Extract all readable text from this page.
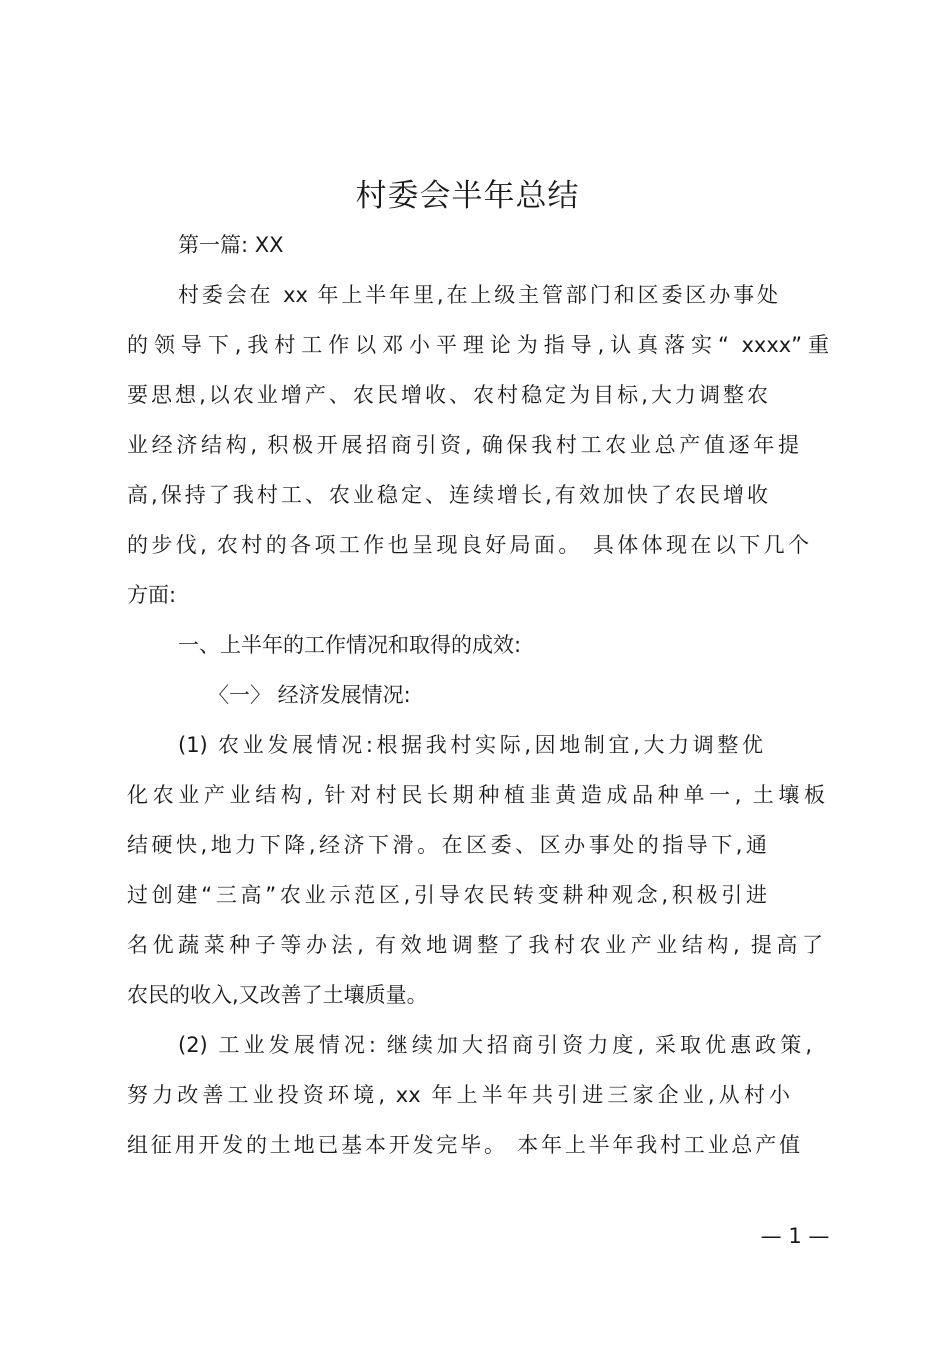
村委会半年总结

第一篇: XX

村委会在 xx 年上半年里,在上级主管部门和区委区办事处

的领导下,我村工作以邓小平理论为指导,认真落实“ xxxx”重

要思想,以农业增产、农民增收、农村稳定为目标,大力调整农

业经济结构, 积极开展招商引资, 确保我村工农业总产值逐年提

高,保持了我村工、农业稳定、连续增长,有效加快了农民增收

的步伐, 农村的各项工作也呈现良好局面。 具体体现在以下几个

方面:

一、上半年的工作情况和取得的成效:

〈一〉 经济发展情况:

(1) 农业发展情况:根据我村实际,因地制宜,大力调整优

化农业产业结构, 针对村民长期种植韭黄造成品种单一, 土壤板

结硬快,地力下降,经济下滑。在区委、区办事处的指导下,通

过创建“三高”农业示范区,引导农民转变耕种观念,积极引进

名优蔬菜种子等办法, 有效地调整了我村农业产业结构, 提高了

农民的收入,又改善了土壤质量。

(2) 工业发展情况: 继续加大招商引资力度, 采取优惠政策,

努力改善工业投资环境, xx 年上半年共引进三家企业,从村小

组征用开发的土地已基本开发完毕。 本年上半年我村工业总产值

— 1 —
